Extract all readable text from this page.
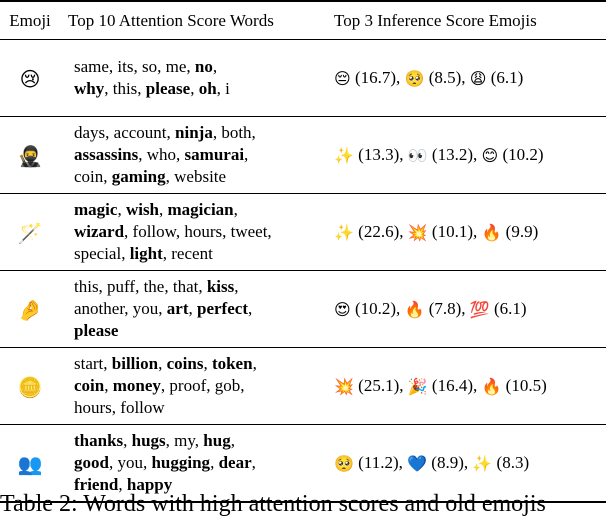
Emoji	Top 10 Attention Score Words	Top 3 Inference Score Emojis
😢	same, its, so, me, no,
why, this, please, oh, i	😔 (16.7), 🥺 (8.5), 😩 (6.1)
🥷	days, account, ninja, both,
assassins, who, samurai,
coin, gaming, website	✨ (13.3), 👀 (13.2), 😊 (10.2)
🪄	magic, wish, magician,
wizard, follow, hours, tweet,
special, light, recent	✨ (22.6), 💥 (10.1), 🔥 (9.9)
🤌	this, puff, the, that, kiss,
another, you, art, perfect,
please	😍 (10.2), 🔥 (7.8), 💯 (6.1)
🪙	start, billion, coins, token,
coin, money, proof, gob,
hours, follow	💥 (25.1), 🎉 (16.4), 🔥 (10.5)
👥	thanks, hugs, my, hug,
good, you, hugging, dear,
friend, happy	🥺 (11.2), 💙 (8.9), ✨ (8.3)
Table 2: Words with high attention scores and old emojis
